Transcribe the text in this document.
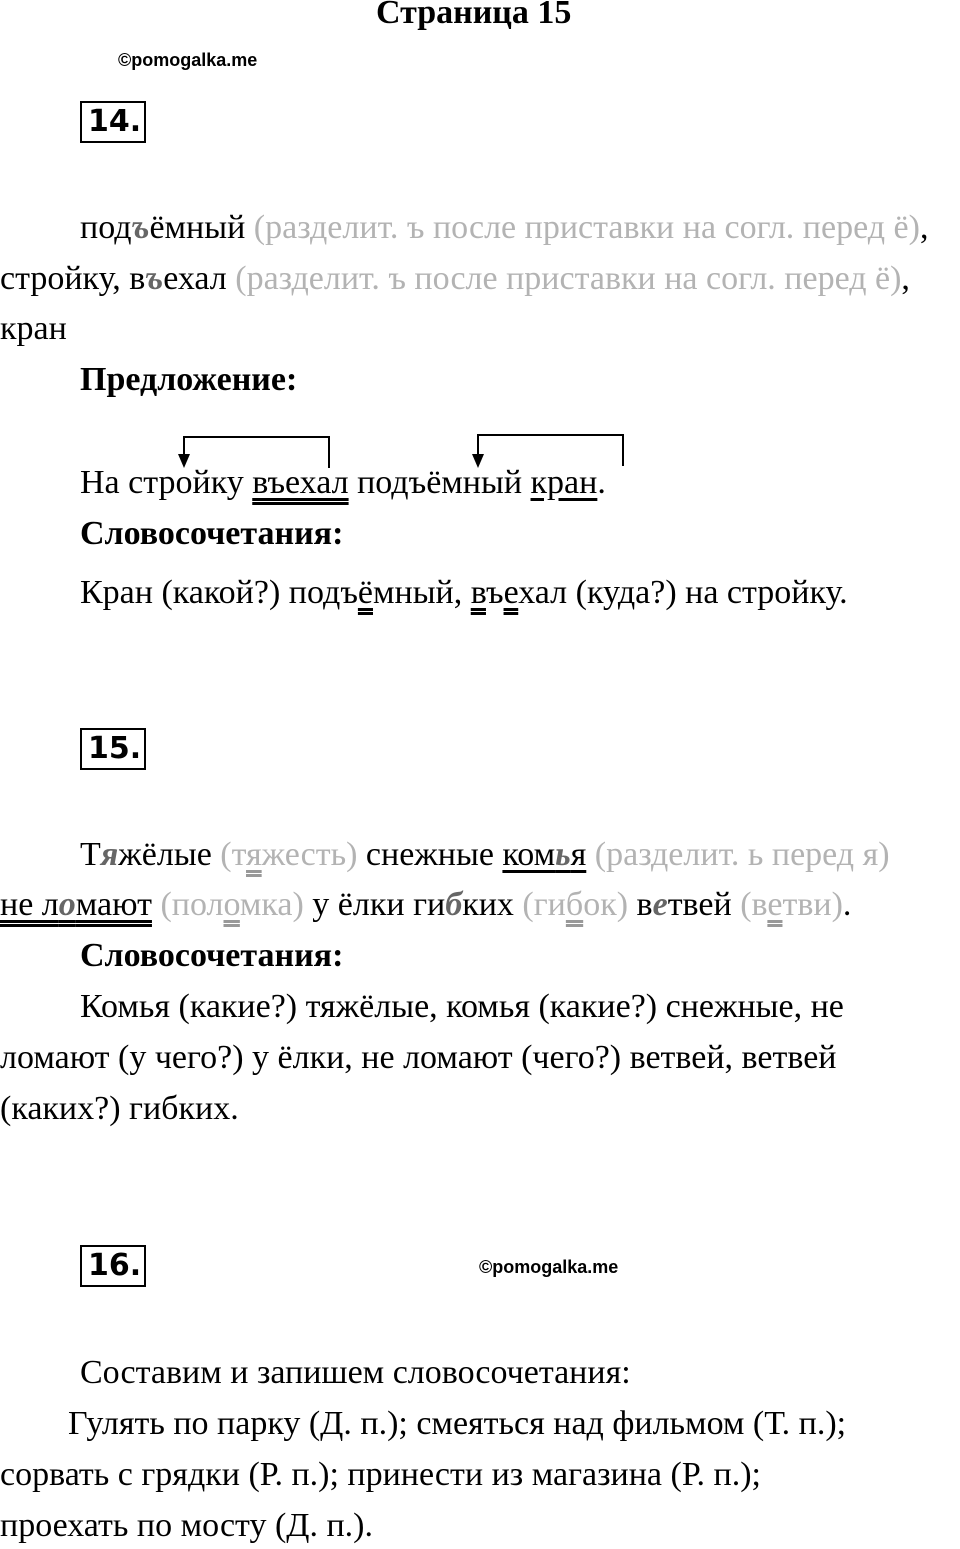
Страница 15
©pomogalka.me
14.
подъёмный (разделит. ъ после приставки на согл. перед ё),
стройку, въехал (разделит. ъ после приставки на согл. перед ё),
кран
Предложение:
На стройку въехал подъёмный кран.
Словосочетания:
Кран (какой?) подъёмный, въехал (куда?) на стройку.
15.
Тяжёлые (тяжесть) снежные комья (разделит. ь перед я)
не ломают (поломка) у ёлки гибких (гибок) ветвей (ветви).
Словосочетания:
Комья (какие?) тяжёлые, комья (какие?) снежные, не
ломают (у чего?) у ёлки, не ломают (чего?) ветвей, ветвей
(каких?) гибких.
16.	©pomogalka.me
Составим и запишем словосочетания:
Гулять по парку (Д. п.); смеяться над фильмом (Т. п.);
сорвать с грядки (Р. п.); принести из магазина (Р. п.);
проехать по мосту (Д. п.).
